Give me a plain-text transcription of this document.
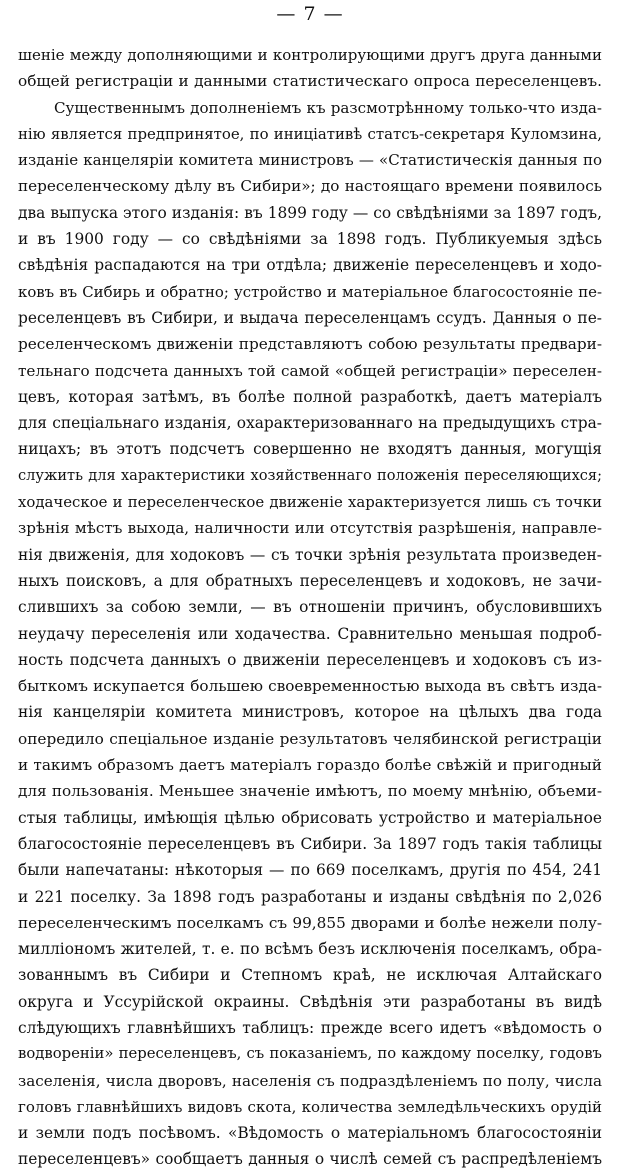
— 7 —
шеніе между дополняющими и контролирующими другъ друга данными
общей регистраціи и данными статистическаго опроса переселенцевъ.
Существеннымъ дополненіемъ къ разсмотрѣнному только-что изда-
нію является предпринятое, по иниціативѣ статсъ-секретаря Куломзина,
изданіе канцеляріи комитета министровъ — «Статистическія данныя по
переселенческому дѣлу въ Сибири»; до настоящаго времени появилось
два выпуска этого изданія: въ 1899 году — со свѣдѣніями за 1897 годъ,
и въ 1900 году — со свѣдѣніями за 1898 годъ. Публикуемыя здѣсь
свѣдѣнія распадаются на три отдѣла; движеніе переселенцевъ и ходо-
ковъ въ Сибирь и обратно; устройство и матеріальное благосостояніе пе-
реселенцевъ въ Сибири, и выдача переселенцамъ ссудъ. Данныя о пе-
реселенческомъ движеніи представляютъ собою результаты предвари-
тельнаго подсчета данныхъ той самой «общей регистраціи» переселен-
цевъ, которая затѣмъ, въ болѣе полной разработкѣ, даетъ матеріалъ
для спеціальнаго изданія, охарактеризованнаго на предыдущихъ стра-
ницахъ; въ этотъ подсчетъ совершенно не входятъ данныя, могущія
служить для характеристики хозяйственнаго положенія переселяющихся;
ходаческое и переселенческое движеніе характеризуется лишь съ точки
зрѣнія мѣстъ выхода, наличности или отсутствія разрѣшенія, направле-
нія движенія, для ходоковъ — съ точки зрѣнія результата произведен-
ныхъ поисковъ, а для обратныхъ переселенцевъ и ходоковъ, не зачи-
слившихъ за собою земли, — въ отношеніи причинъ, обусловившихъ
неудачу переселенія или ходачества. Сравнительно меньшая подроб-
ность подсчета данныхъ о движеніи переселенцевъ и ходоковъ съ из-
быткомъ искупается большею своевременностью выхода въ свѣтъ изда-
нія канцеляріи комитета министровъ, которое на цѣлыхъ два года
опередило спеціальное изданіе результатовъ челябинской регистраціи
и такимъ образомъ даетъ матеріалъ гораздо болѣе свѣжій и пригодный
для пользованія. Меньшее значеніе имѣютъ, по моему мнѣнію, объеми-
стыя таблицы, имѣющія цѣлью обрисовать устройство и матеріальное
благосостояніе переселенцевъ въ Сибири. За 1897 годъ такія таблицы
были напечатаны: нѣкоторыя — по 669 поселкамъ, другія по 454, 241
и 221 поселку. За 1898 годъ разработаны и изданы свѣдѣнія по 2,026
переселенческимъ поселкамъ съ 99,855 дворами и болѣе нежели полу-
милліономъ жителей, т. е. по всѣмъ безъ исключенія поселкамъ, обра-
зованнымъ въ Сибири и Степномъ краѣ, не исключая Алтайскаго
округа и Уссурійской окраины. Свѣдѣнія эти разработаны въ видѣ
слѣдующихъ главнѣйшихъ таблицъ: прежде всего идетъ «вѣдомость о
водвореніи» переселенцевъ, съ показаніемъ, по каждому поселку, годовъ
заселенія, числа дворовъ, населенія съ подраздѣленіемъ по полу, числа
головъ главнѣйшихъ видовъ скота, количества земледѣльческихъ орудій
и земли подъ посѣвомъ. «Вѣдомость о матеріальномъ благосостояніи
переселенцевъ» сообщаетъ данныя о числѣ семей съ распредѣленіемъ
